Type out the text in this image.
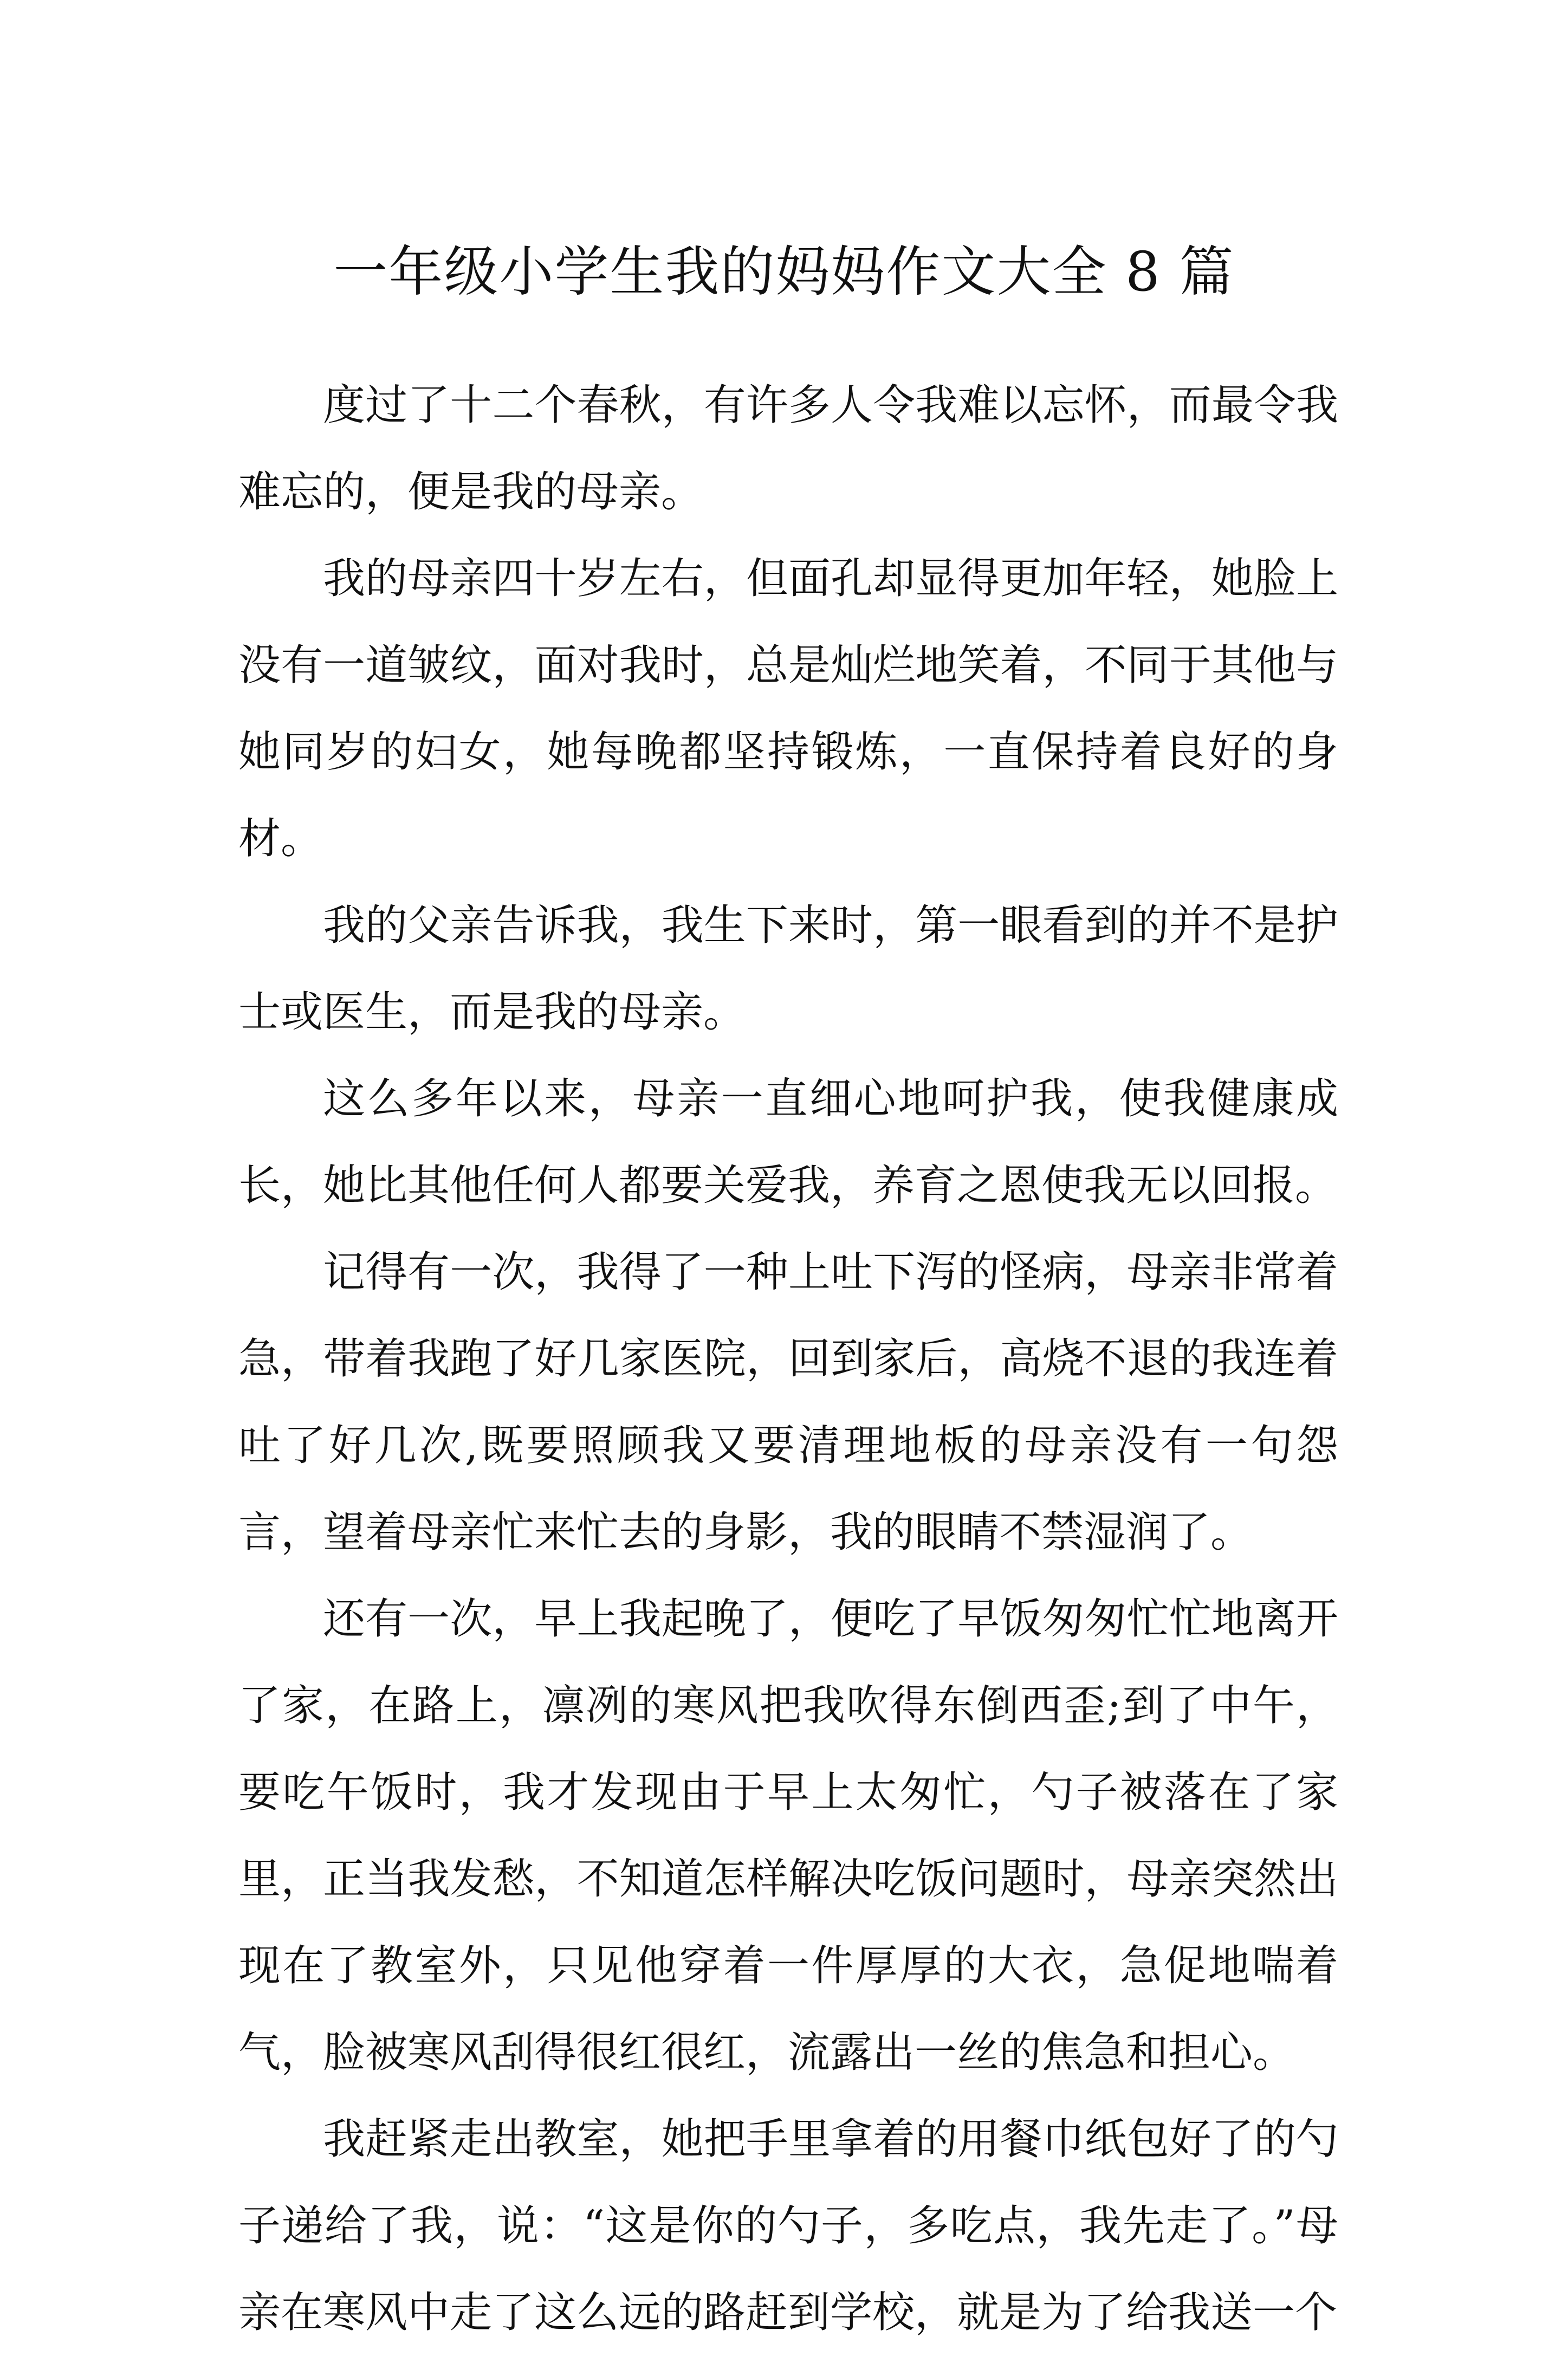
一年级小学生我的妈妈作文大全 8 篇

度过了十二个春秋，有许多人令我难以忘怀，而最令我难忘的，便是我的母亲。

我的母亲四十岁左右，但面孔却显得更加年轻，她脸上没有一道皱纹，面对我时，总是灿烂地笑着，不同于其他与她同岁的妇女，她每晚都坚持锻炼，一直保持着良好的身材。

我的父亲告诉我，我生下来时，第一眼看到的并不是护士或医生，而是我的母亲。

这么多年以来，母亲一直细心地呵护我，使我健康成长，她比其他任何人都要关爱我，养育之恩使我无以回报。

记得有一次，我得了一种上吐下泻的怪病，母亲非常着急，带着我跑了好几家医院，回到家后，高烧不退的我连着吐了好几次,既要照顾我又要清理地板的母亲没有一句怨言，望着母亲忙来忙去的身影，我的眼睛不禁湿润了。

还有一次，早上我起晚了，便吃了早饭匆匆忙忙地离开了家，在路上，凛冽的寒风把我吹得东倒西歪;到了中午，要吃午饭时，我才发现由于早上太匆忙，勺子被落在了家里，正当我发愁，不知道怎样解决吃饭问题时，母亲突然出现在了教室外，只见他穿着一件厚厚的大衣，急促地喘着气，脸被寒风刮得很红很红，流露出一丝的焦急和担心。

我赶紧走出教室，她把手里拿着的用餐巾纸包好了的勺子递给了我，说：“这是你的勺子，多吃点，我先走了。”母亲在寒风中走了这么远的路赶到学校，就是为了给我送一个
